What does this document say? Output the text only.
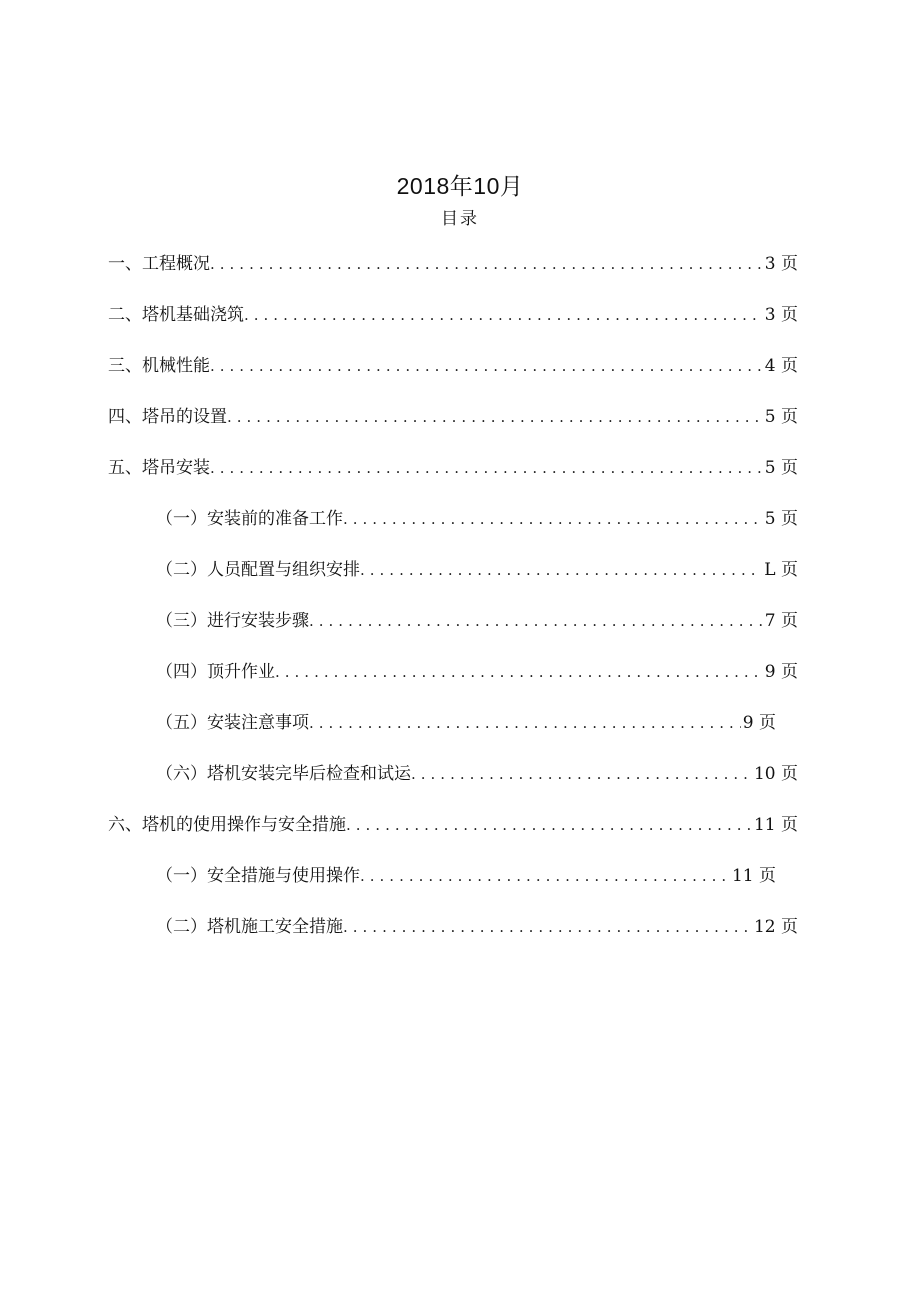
2018年10月
目录
一、工程概况 .....	3 页
二、塔机基础浇筑 .....	3 页
三、机械性能 .....	4 页
四、塔吊的设置 .....	5 页
五、塔吊安装 .....	5 页
（一）安装前的准备工作 .....	5 页
（二）人员配置与组织安排 .....	L 页
（三）进行安装步骤 .....	7 页
（四）顶升作业 .....	9 页
（五）安装注意事项 .....	9 页
（六）塔机安装完毕后检查和试运 .....	10 页
六、塔机的使用操作与安全措施 .....	11 页
（一）安全措施与使用操作 .....	11 页
（二）塔机施工安全措施 .....	12 页
